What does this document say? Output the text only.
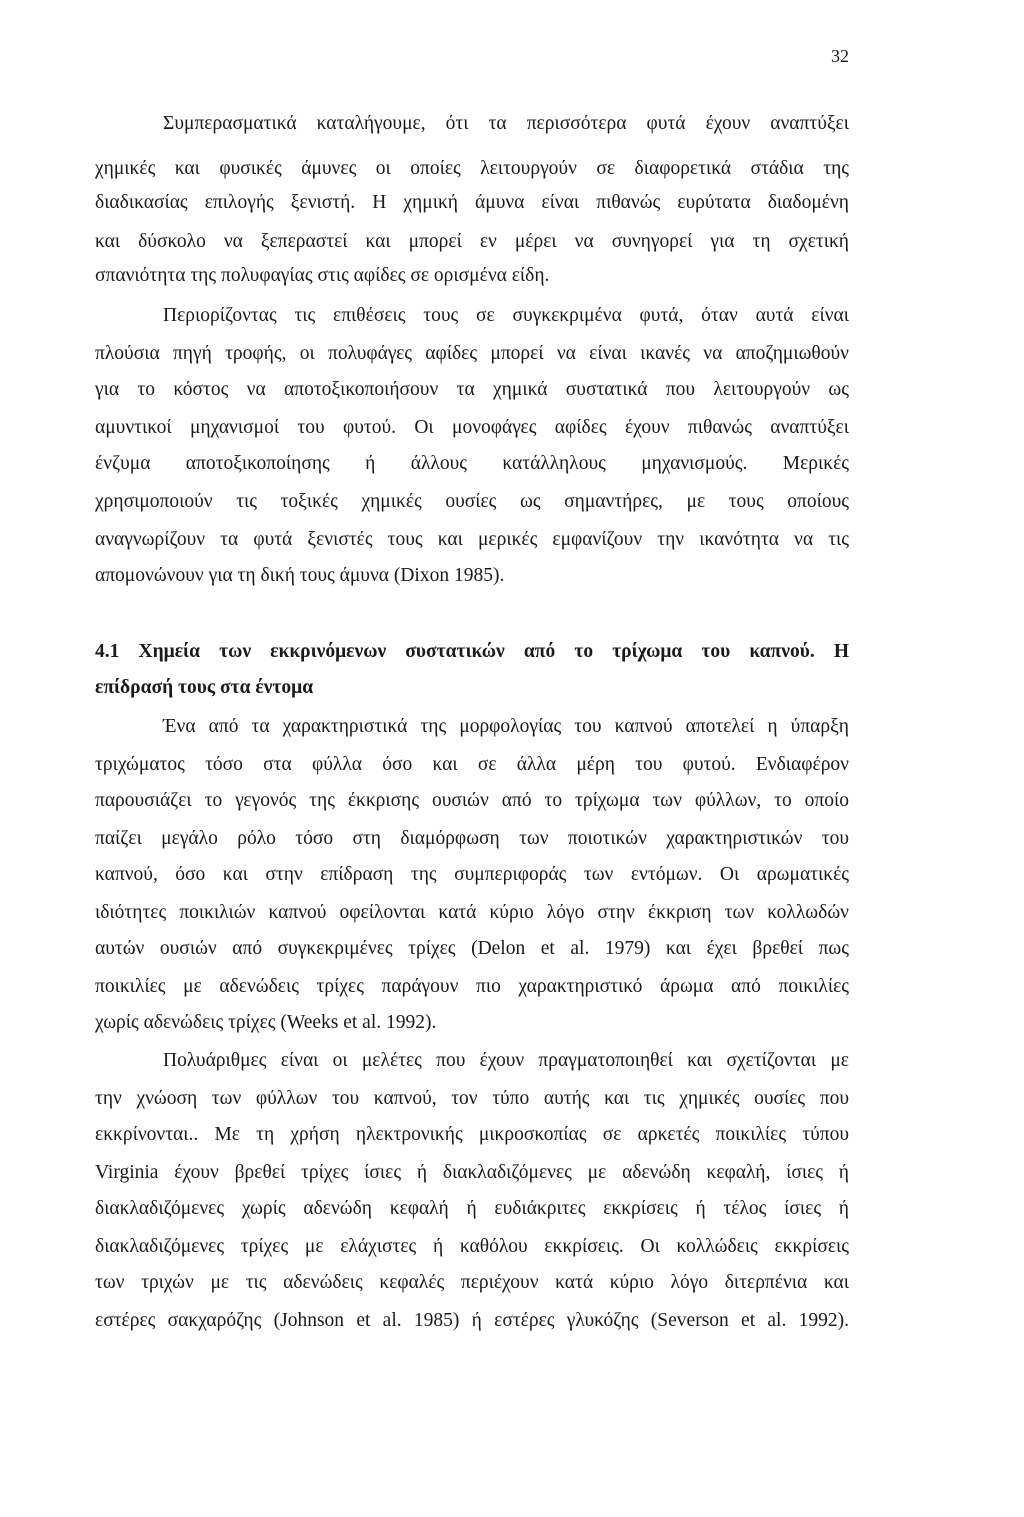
32
Συμπερασματικά καταλήγουμε, ότι τα περισσότερα φυτά έχουν αναπτύξει
χημικές και φυσικές άμυνες οι οποίες λειτουργούν σε διαφορετικά στάδια της
διαδικασίας επιλογής ξενιστή. Η χημική άμυνα είναι πιθανώς ευρύτατα διαδομένη
και δύσκολο να ξεπεραστεί και μπορεί εν μέρει να συνηγορεί για τη σχετική
σπανιότητα της πολυφαγίας στις αφίδες σε ορισμένα είδη.
Περιορίζοντας τις επιθέσεις τους σε συγκεκριμένα φυτά, όταν αυτά είναι
πλούσια πηγή τροφής, οι πολυφάγες αφίδες μπορεί να είναι ικανές να αποζημιωθούν
για το κόστος να αποτοξικοποιήσουν τα χημικά συστατικά που λειτουργούν ως
αμυντικοί μηχανισμοί του φυτού. Οι μονοφάγες αφίδες έχουν πιθανώς αναπτύξει
ένζυμα αποτοξικοποίησης ή άλλους κατάλληλους μηχανισμούς. Μερικές
χρησιμοποιούν τις τοξικές χημικές ουσίες ως σημαντήρες, με τους οποίους
αναγνωρίζουν τα φυτά ξενιστές τους και μερικές εμφανίζουν την ικανότητα να τις
απομονώνουν για τη δική τους άμυνα (Dixon 1985).
4.1 Χημεία των εκκρινόμενων συστατικών από το τρίχωμα του καπνού. Η
επίδρασή τους στα έντομα
Ένα από τα χαρακτηριστικά της μορφολογίας του καπνού αποτελεί η ύπαρξη
τριχώματος τόσο στα φύλλα όσο και σε άλλα μέρη του φυτού. Ενδιαφέρον
παρουσιάζει το γεγονός της έκκρισης ουσιών από το τρίχωμα των φύλλων, το οποίο
παίζει μεγάλο ρόλο τόσο στη διαμόρφωση των ποιοτικών χαρακτηριστικών του
καπνού, όσο και στην επίδραση της συμπεριφοράς των εντόμων. Οι αρωματικές
ιδιότητες ποικιλιών καπνού οφείλονται κατά κύριο λόγο στην έκκριση των κολλωδών
αυτών ουσιών από συγκεκριμένες τρίχες (Delon et al. 1979) και έχει βρεθεί πως
ποικιλίες με αδενώδεις τρίχες παράγουν πιο χαρακτηριστικό άρωμα από ποικιλίες
χωρίς αδενώδεις τρίχες (Weeks et al. 1992).
Πολυάριθμες είναι οι μελέτες που έχουν πραγματοποιηθεί και σχετίζονται με
την χνώοση των φύλλων του καπνού, τον τύπο αυτής και τις χημικές ουσίες που
εκκρίνονται.. Με τη χρήση ηλεκτρονικής μικροσκοπίας σε αρκετές ποικιλίες τύπου
Virginia έχουν βρεθεί τρίχες ίσιες ή διακλαδιζόμενες με αδενώδη κεφαλή, ίσιες ή
διακλαδιζόμενες χωρίς αδενώδη κεφαλή ή ευδιάκριτες εκκρίσεις ή τέλος ίσιες ή
διακλαδιζόμενες τρίχες με ελάχιστες ή καθόλου εκκρίσεις. Οι κολλώδεις εκκρίσεις
των τριχών με τις αδενώδεις κεφαλές περιέχουν κατά κύριο λόγο διτερπένια και
εστέρες σακχαρόζης (Johnson et al. 1985) ή εστέρες γλυκόζης (Severson et al. 1992).
